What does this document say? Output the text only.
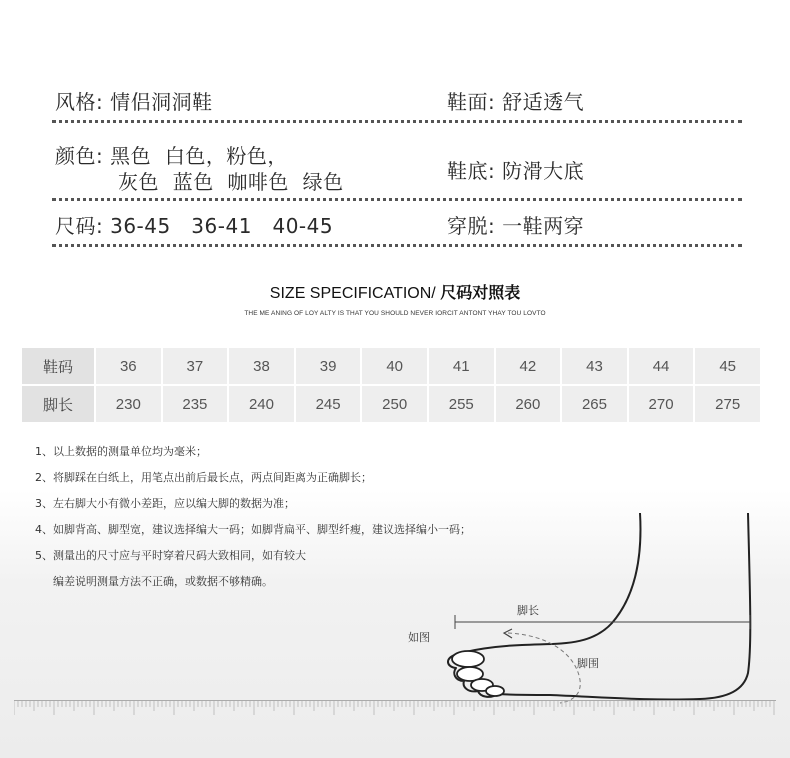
风格: 情侣洞洞鞋	鞋面: 舒适透气
颜色: 黑色  白色，粉色，
灰色  蓝色  咖啡色  绿色	鞋底: 防滑大底
尺码: 36-45   36-41   40-45	穿脱: 一鞋两穿
SIZE SPECIFICATION/ 尺码对照表
THE ME ANING OF LOY ALTY IS THAT YOU SHOULD NEVER IORCIT ANTONT YHAY TOU LOVTO
鞋码	36	37	38	39	40	41	42	43	44	45
脚长	230	235	240	245	250	255	260	265	270	275
1、以上数据的测量单位均为毫米；
2、将脚踩在白纸上，用笔点出前后最长点，两点间距离为正确脚长；
3、左右脚大小有微小差距，应以编大脚的数据为准；
4、如脚背高、脚型宽，建议选择编大一码；如脚背扁平、脚型纤瘦，建议选择编小一码；
5、测量出的尺寸应与平时穿着尺码大致相同，如有较大
编差说明测量方法不正确，或数据不够精确。
脚长
如图
脚围
